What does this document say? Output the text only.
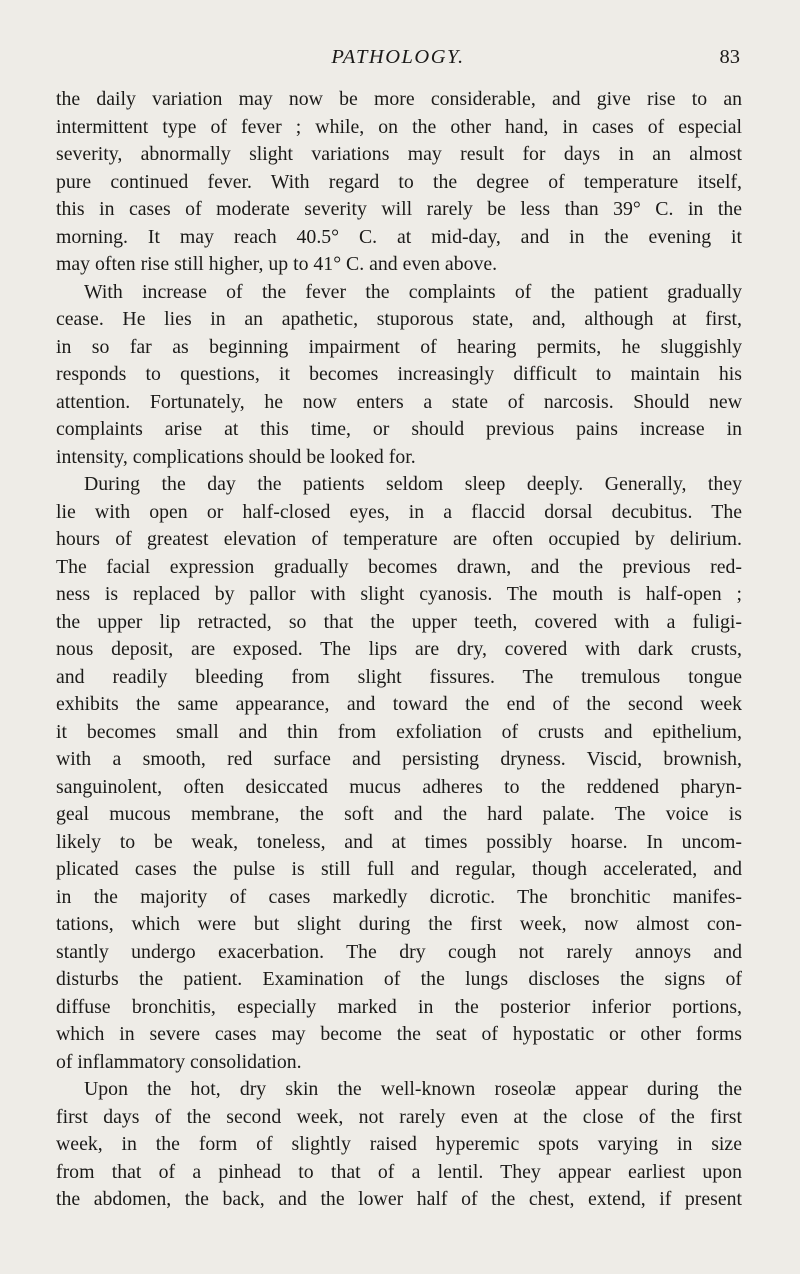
PATHOLOGY.	83
the daily variation may now be more considerable, and give rise to an
intermittent type of fever ; while, on the other hand, in cases of especial
severity, abnormally slight variations may result for days in an almost
pure continued fever. With regard to the degree of temperature itself,
this in cases of moderate severity will rarely be less than 39° C. in the
morning. It may reach 40.5° C. at mid-day, and in the evening it
may often rise still higher, up to 41° C. and even above.
With increase of the fever the complaints of the patient gradually
cease. He lies in an apathetic, stuporous state, and, although at first,
in so far as beginning impairment of hearing permits, he sluggishly
responds to questions, it becomes increasingly difficult to maintain his
attention. Fortunately, he now enters a state of narcosis. Should new
complaints arise at this time, or should previous pains increase in
intensity, complications should be looked for.
During the day the patients seldom sleep deeply. Generally, they
lie with open or half-closed eyes, in a flaccid dorsal decubitus. The
hours of greatest elevation of temperature are often occupied by delirium.
The facial expression gradually becomes drawn, and the previous red-
ness is replaced by pallor with slight cyanosis. The mouth is half-open ;
the upper lip retracted, so that the upper teeth, covered with a fuligi-
nous deposit, are exposed. The lips are dry, covered with dark crusts,
and readily bleeding from slight fissures. The tremulous tongue
exhibits the same appearance, and toward the end of the second week
it becomes small and thin from exfoliation of crusts and epithelium,
with a smooth, red surface and persisting dryness. Viscid, brownish,
sanguinolent, often desiccated mucus adheres to the reddened pharyn-
geal mucous membrane, the soft and the hard palate. The voice is
likely to be weak, toneless, and at times possibly hoarse. In uncom-
plicated cases the pulse is still full and regular, though accelerated, and
in the majority of cases markedly dicrotic. The bronchitic manifes-
tations, which were but slight during the first week, now almost con-
stantly undergo exacerbation. The dry cough not rarely annoys and
disturbs the patient. Examination of the lungs discloses the signs of
diffuse bronchitis, especially marked in the posterior inferior portions,
which in severe cases may become the seat of hypostatic or other forms
of inflammatory consolidation.
Upon the hot, dry skin the well-known roseolæ appear during the
first days of the second week, not rarely even at the close of the first
week, in the form of slightly raised hyperemic spots varying in size
from that of a pinhead to that of a lentil. They appear earliest upon
the abdomen, the back, and the lower half of the chest, extend, if present
